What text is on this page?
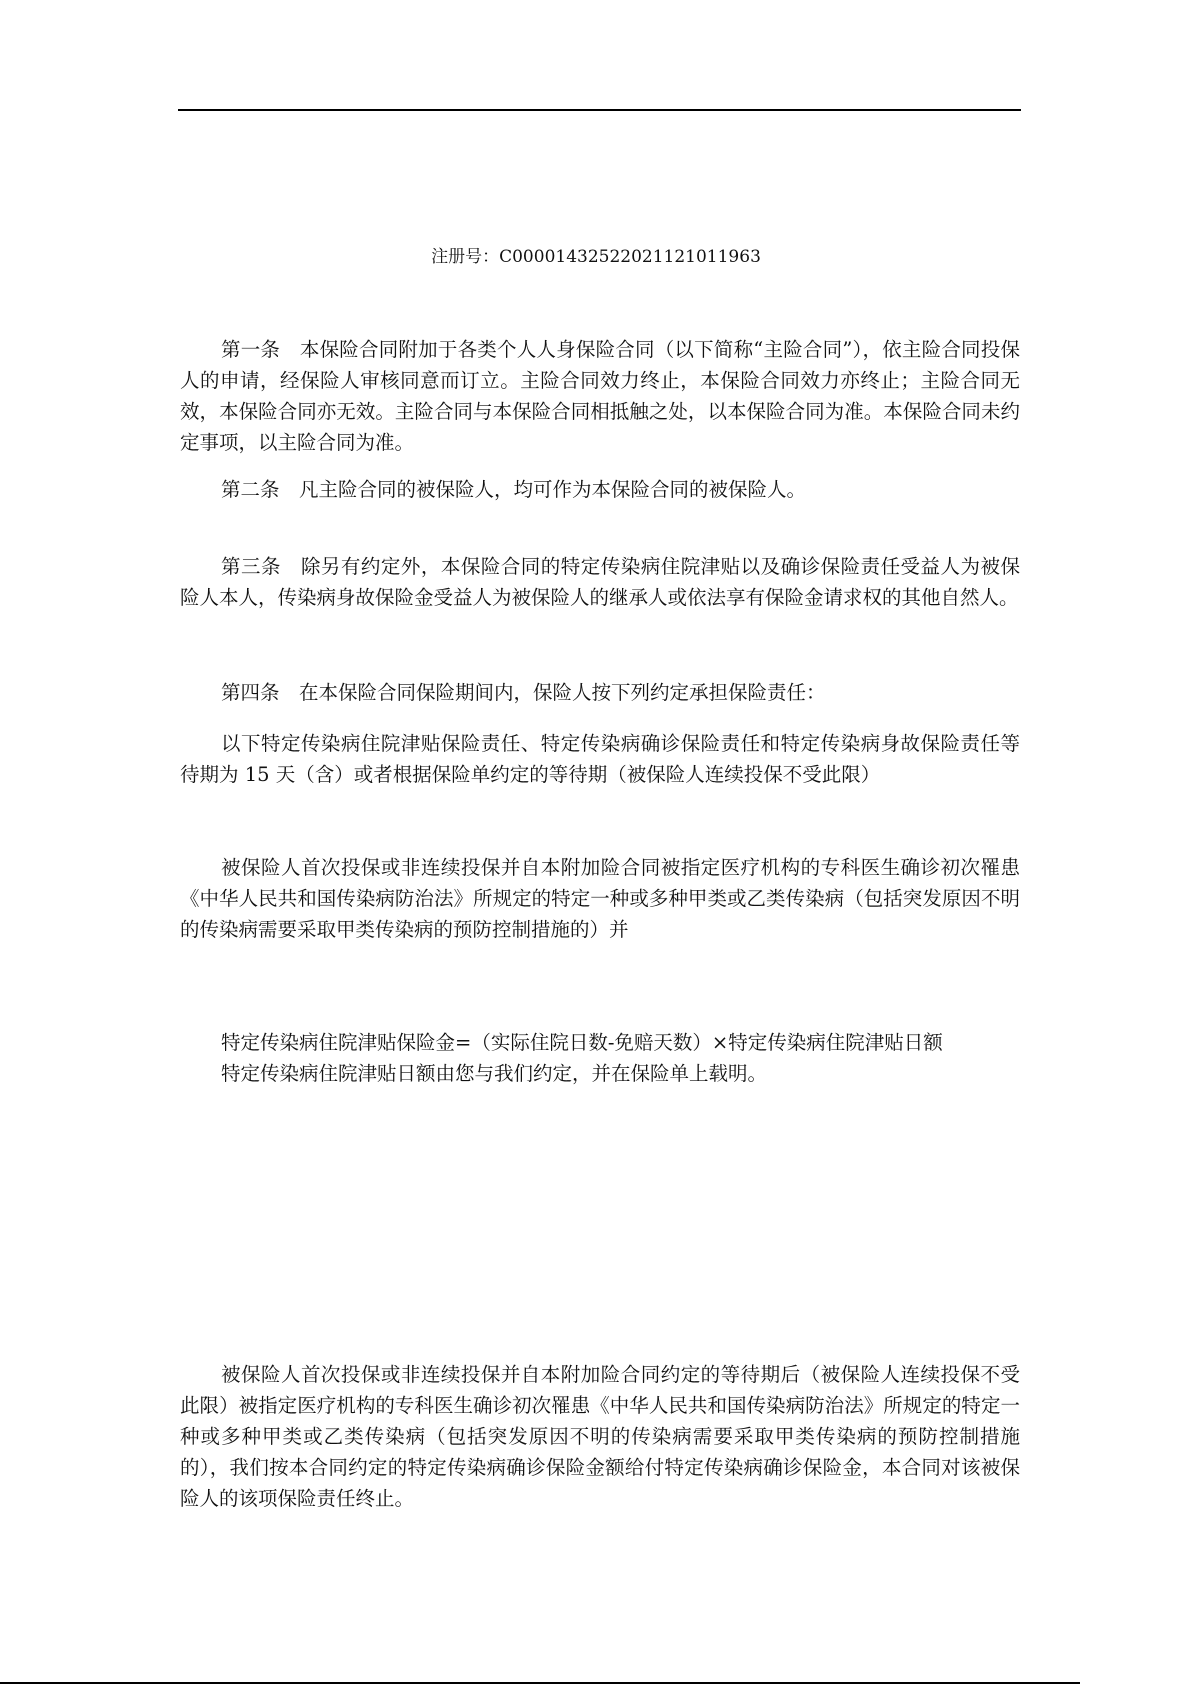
注册号：C00001432522021121011963

第一条　本保险合同附加于各类个人人身保险合同（以下简称“主险合同”），依主险合同投保人的申请，经保险人审核同意而订立。主险合同效力终止，本保险合同效力亦终止；主险合同无效，本保险合同亦无效。主险合同与本保险合同相抵触之处，以本保险合同为准。本保险合同未约定事项，以主险合同为准。

第二条　凡主险合同的被保险人，均可作为本保险合同的被保险人。

第三条　除另有约定外，本保险合同的特定传染病住院津贴以及确诊保险责任受益人为被保险人本人，传染病身故保险金受益人为被保险人的继承人或依法享有保险金请求权的其他自然人。

第四条　在本保险合同保险期间内，保险人按下列约定承担保险责任：

以下特定传染病住院津贴保险责任、特定传染病确诊保险责任和特定传染病身故保险责任等待期为 15 天（含）或者根据保险单约定的等待期（被保险人连续投保不受此限）

被保险人首次投保或非连续投保并自本附加险合同被指定医疗机构的专科医生确诊初次罹患《中华人民共和国传染病防治法》所规定的特定一种或多种甲类或乙类传染病（包括突发原因不明的传染病需要采取甲类传染病的预防控制措施的）并

特定传染病住院津贴保险金=（实际住院日数-免赔天数）×特定传染病住院津贴日额

特定传染病住院津贴日额由您与我们约定，并在保险单上载明。

被保险人首次投保或非连续投保并自本附加险合同约定的等待期后（被保险人连续投保不受此限）被指定医疗机构的专科医生确诊初次罹患《中华人民共和国传染病防治法》所规定的特定一种或多种甲类或乙类传染病（包括突发原因不明的传染病需要采取甲类传染病的预防控制措施的），我们按本合同约定的特定传染病确诊保险金额给付特定传染病确诊保险金，本合同对该被保险人的该项保险责任终止。
